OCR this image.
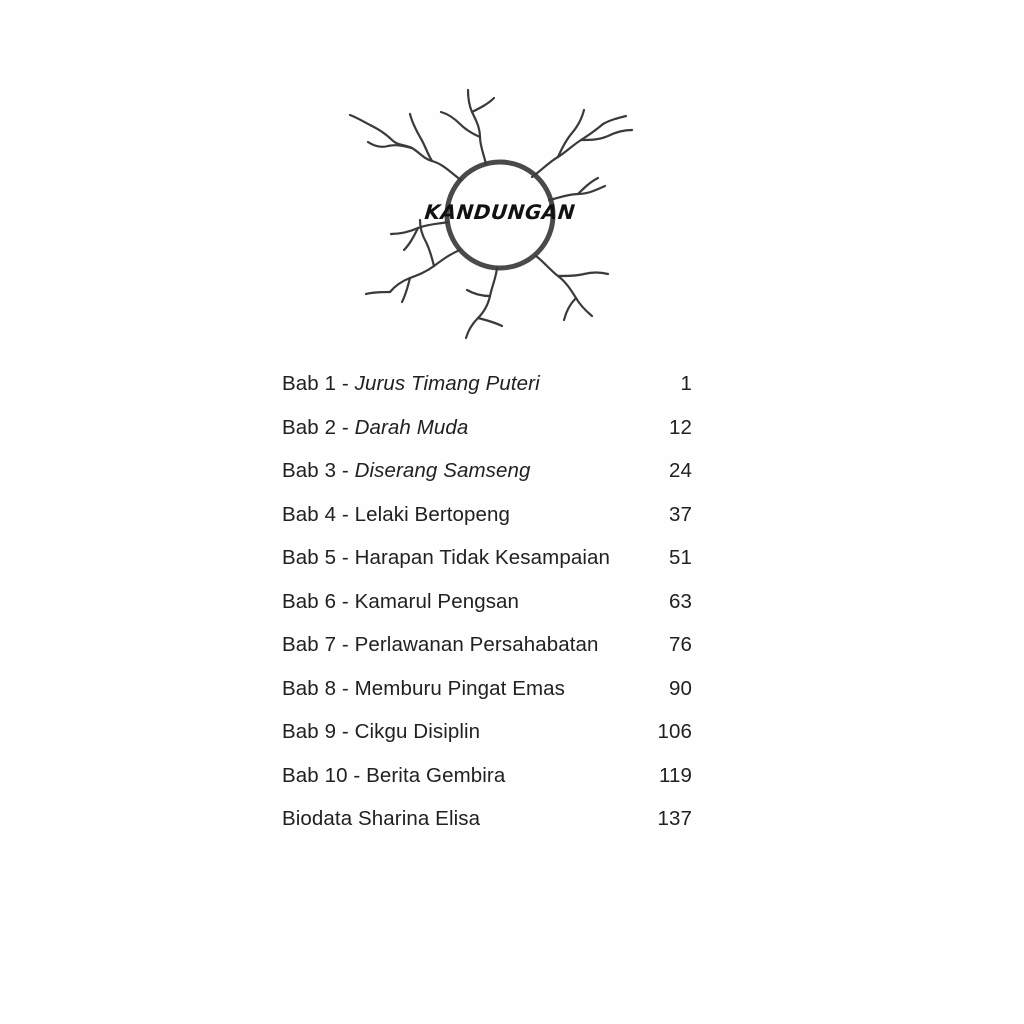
KANDUNGAN
Bab 1 - Jurus Timang Puteri	1
Bab 2 - Darah Muda	12
Bab 3 - Diserang Samseng	24
Bab 4 - Lelaki Bertopeng	37
Bab 5 - Harapan Tidak Kesampaian	51
Bab 6 - Kamarul Pengsan	63
Bab 7 - Perlawanan Persahabatan	76
Bab 8 - Memburu Pingat Emas	90
Bab 9 - Cikgu Disiplin	106
Bab 10 - Berita Gembira	119
Biodata Sharina Elisa	137
